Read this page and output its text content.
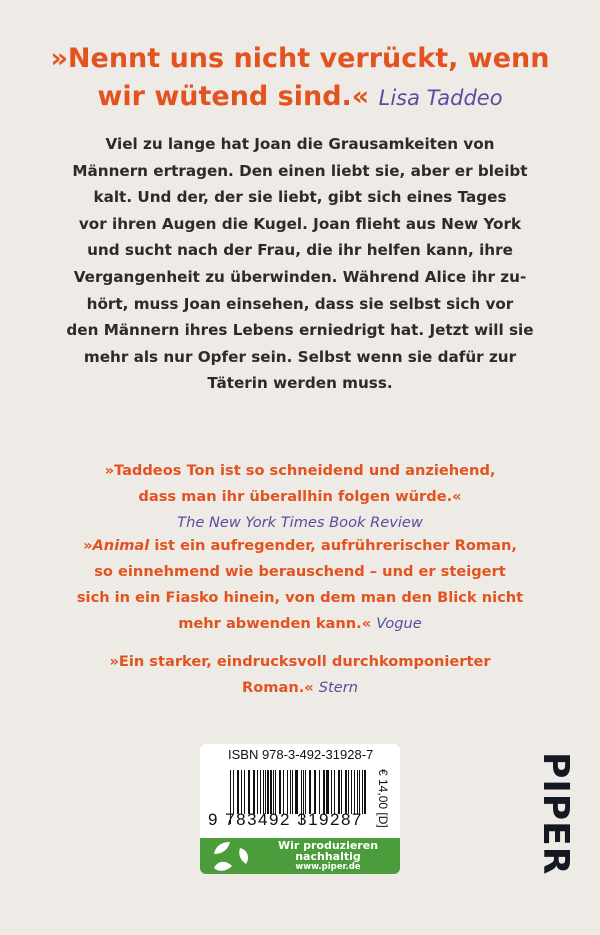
»Nennt uns nicht verrückt, wenn
wir wütend sind.« Lisa Taddeo
Viel zu lange hat Joan die Grausamkeiten von
Männern ertragen. Den einen liebt sie, aber er bleibt
kalt. Und der, der sie liebt, gibt sich eines Tages
vor ihren Augen die Kugel. Joan flieht aus New York
und sucht nach der Frau, die ihr helfen kann, ihre
Vergangenheit zu überwinden. Während Alice ihr zu-
hört, muss Joan einsehen, dass sie selbst sich vor
den Männern ihres Lebens erniedrigt hat. Jetzt will sie
mehr als nur Opfer sein. Selbst wenn sie dafür zur
Täterin werden muss.
»Taddeos Ton ist so schneidend und anziehend,
dass man ihr überallhin folgen würde.«
The New York Times Book Review
»Animal ist ein aufregender, aufrührerischer Roman,
so einnehmend wie berauschend – und er steigert
sich in ein Fiasko hinein, von dem man den Blick nicht
mehr abwenden kann.« Vogue
»Ein starker, eindrucksvoll durchkomponierter
Roman.« Stern
ISBN 978-3-492-31928-7
9 783492 319287 € 14,00 [D]
Wir produzieren
nachhaltig
www.piper.de	PIPER
